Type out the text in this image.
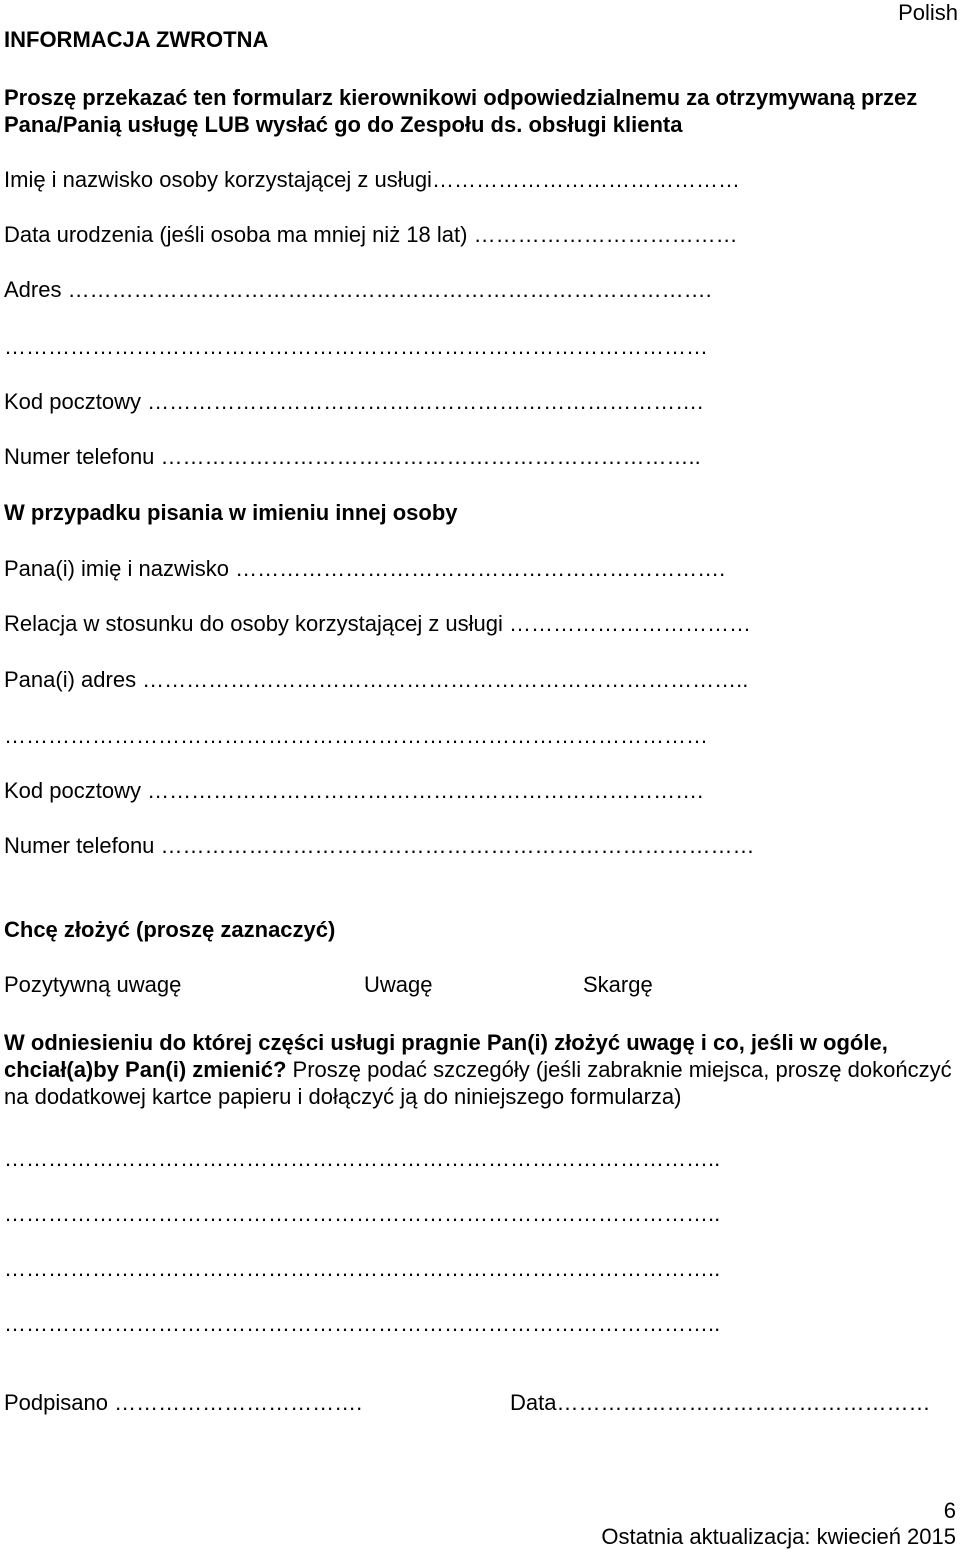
Polish
INFORMACJA ZWROTNA
Proszę przekazać ten formularz kierownikowi odpowiedzialnemu za otrzymywaną przez Pana/Panią usługę LUB wysłać go do Zespołu ds. obsługi klienta
Imię i nazwisko osoby korzystającej z usługi……………………………………
Data urodzenia (jeśli osoba ma mniej niż 18 lat) ………………………………
Adres …………………………………………………………………………….
……………………………………………………………………………………
Kod pocztowy ………………………………………………………………….
Numer telefonu ………………………………………………………………..
W przypadku pisania w imieniu innej osoby
Pana(i) imię i nazwisko ………………………………………………………….
Relacja w stosunku do osoby korzystającej z usługi ……………………………
Pana(i) adres ………………………………………………………………………..
……………………………………………………………………………………
Kod pocztowy ………………………………………………………………….
Numer telefonu ………………………………………………………………………
Chcę złożyć (proszę zaznaczyć)
Pozytywną uwagę	Uwagę	Skargę
W odniesieniu do której części usługi pragnie Pan(i) złożyć uwagę i co, jeśli w ogóle, chciał(a)by Pan(i) zmienić? Proszę podać szczegóły (jeśli zabraknie miejsca, proszę dokończyć na dodatkowej kartce papieru i dołączyć ją do niniejszego formularza)
……………………………………………………………………………………..
……………………………………………………………………………………..
……………………………………………………………………………………..
……………………………………………………………………………………..
Podpisano …………………………….	Data……………………………………………
6
Ostatnia aktualizacja: kwiecień 2015
